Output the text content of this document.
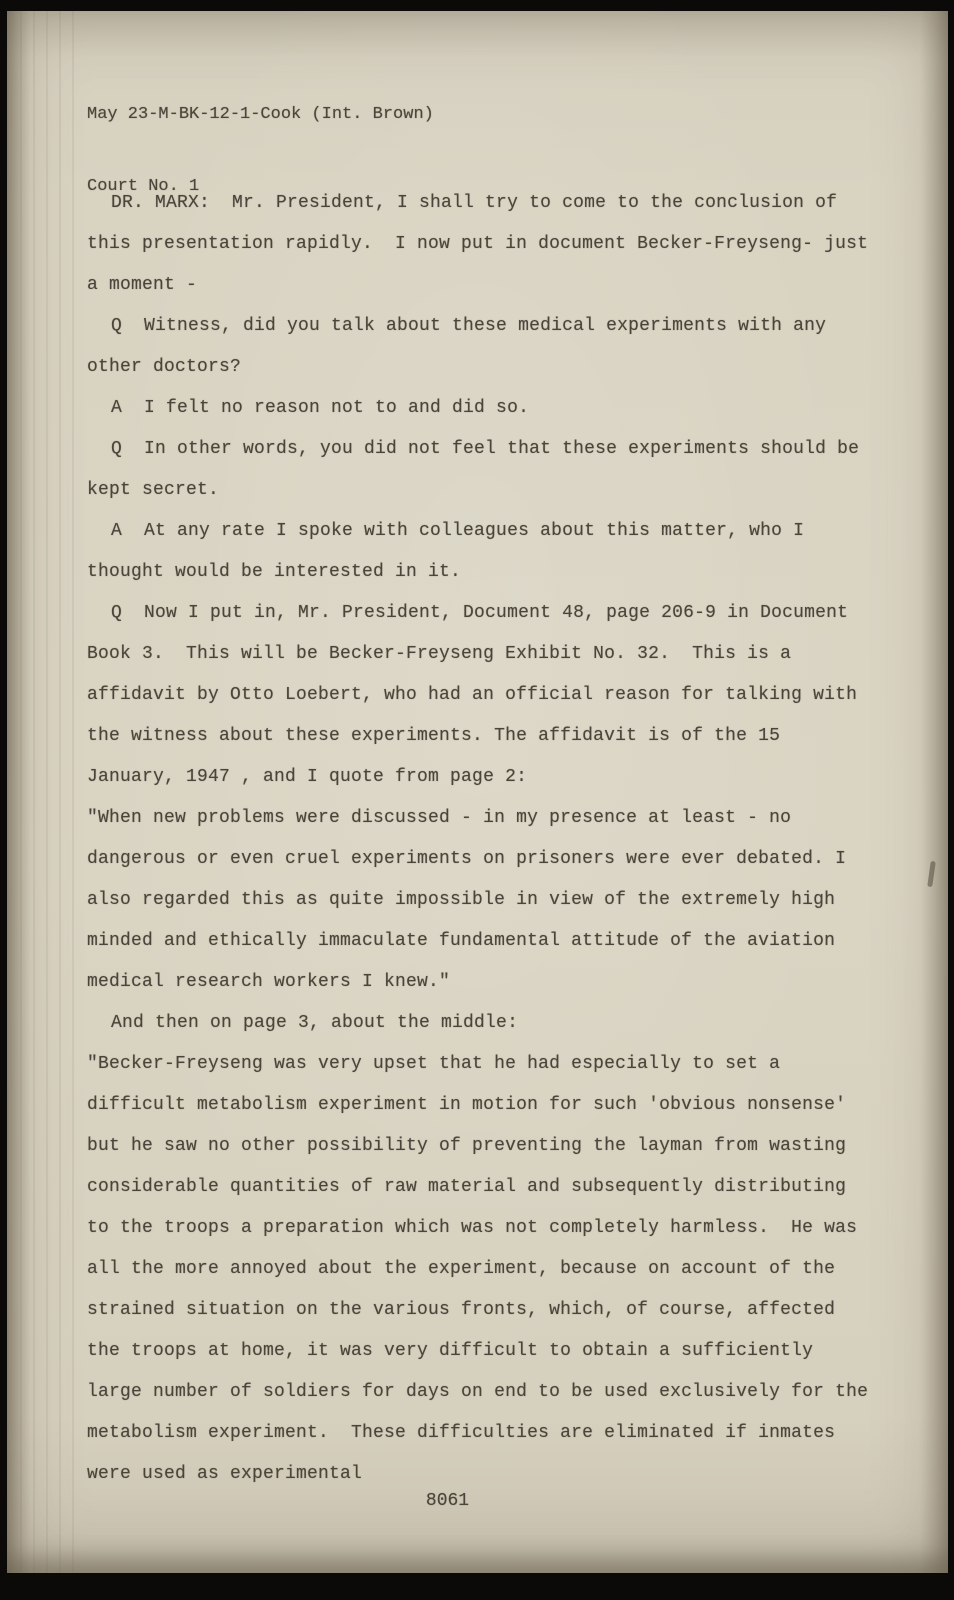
May 23-M-BK-12-1-Cook (Int. Brown)

Court No. 1

DR. MARX:  Mr. President, I shall try to come to the conclusion of this presentation rapidly.  I now put in document Becker-Freyseng- just a moment -

Q  Witness, did you talk about these medical experiments with any other doctors?

A  I felt no reason not to and did so.

Q  In other words, you did not feel that these experiments should be kept secret.

A  At any rate I spoke with colleagues about this matter, who I thought would be interested in it.

Q  Now I put in, Mr. President, Document 48, page 206-9 in Document Book 3.  This will be Becker-Freyseng Exhibit No. 32.  This is a  affidavit by Otto Loebert, who had an official reason for talking with the witness about these experiments. The affidavit is of the 15 January, 1947 , and I quote from page 2:

"When new problems were discussed - in my presence at least - no dangerous or even cruel experiments on prisoners were ever debated. I also regarded this as quite impossible in view of the extremely high minded and ethically immaculate fundamental attitude of the aviation medical research workers I knew."

And then on page 3, about the middle:

"Becker-Freyseng was very upset that he had especially to set a difficult metabolism experiment in motion for such 'obvious nonsense' but he saw no other possibility of preventing the layman from wasting considerable quantities of raw material and subsequently distributing to the troops a preparation which was not completely harmless.  He was all the more annoyed about the experiment, because on account of the strained situation on the various fronts, which, of course, affected the troops at home, it was very difficult to obtain a sufficiently large number of soldiers for days on end to be used exclusively for the metabolism experiment.  These difficulties are eliminated if inmates were used as experimental

8061
